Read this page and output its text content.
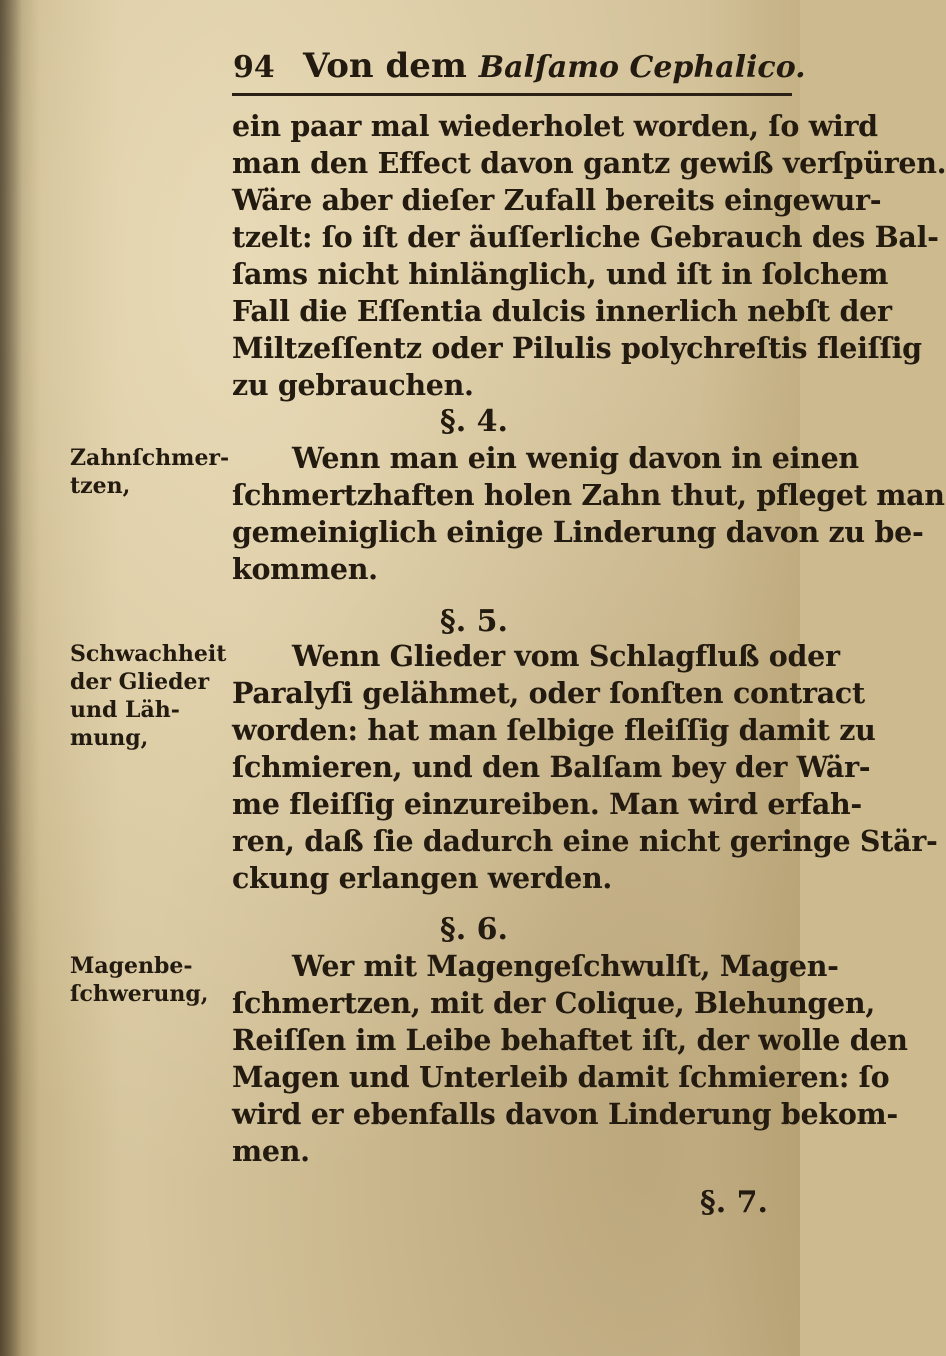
94 Von dem Balſamo Cephalico.
ein paar mal wiederholet worden, ſo wird
man den Effect davon gantz gewiß verſpüren.
Wäre aber dieſer Zufall bereits eingewur-
tzelt: ſo iſt der äuſſerliche Gebrauch des Bal-
ſams nicht hinlänglich, und iſt in ſolchem
Fall die Eſſentia dulcis innerlich nebſt der
Miltzeſſentz oder Pilulis polychreſtis fleiſſig
zu gebrauchen.
§. 4.
Zahnſchmer-
tzen,
Wenn man ein wenig davon in einen
ſchmertzhaften holen Zahn thut, pfleget man
gemeiniglich einige Linderung davon zu be-
kommen.
§. 5.
Schwachheit
der Glieder
und Läh-
mung,
Wenn Glieder vom Schlagfluß oder
Paralyſi gelähmet, oder ſonſten contract
worden: hat man ſelbige fleiſſig damit zu
ſchmieren, und den Balſam bey der Wär-
me fleiſſig einzureiben. Man wird erfah-
ren, daß ſie dadurch eine nicht geringe Stär-
ckung erlangen werden.
§. 6.
Magenbe-
ſchwerung,
Wer mit Magengeſchwulſt, Magen-
ſchmertzen, mit der Colique, Blehungen,
Reiſſen im Leibe behaftet iſt, der wolle den
Magen und Unterleib damit ſchmieren: ſo
wird er ebenfalls davon Linderung bekom-
men.
§. 7.
